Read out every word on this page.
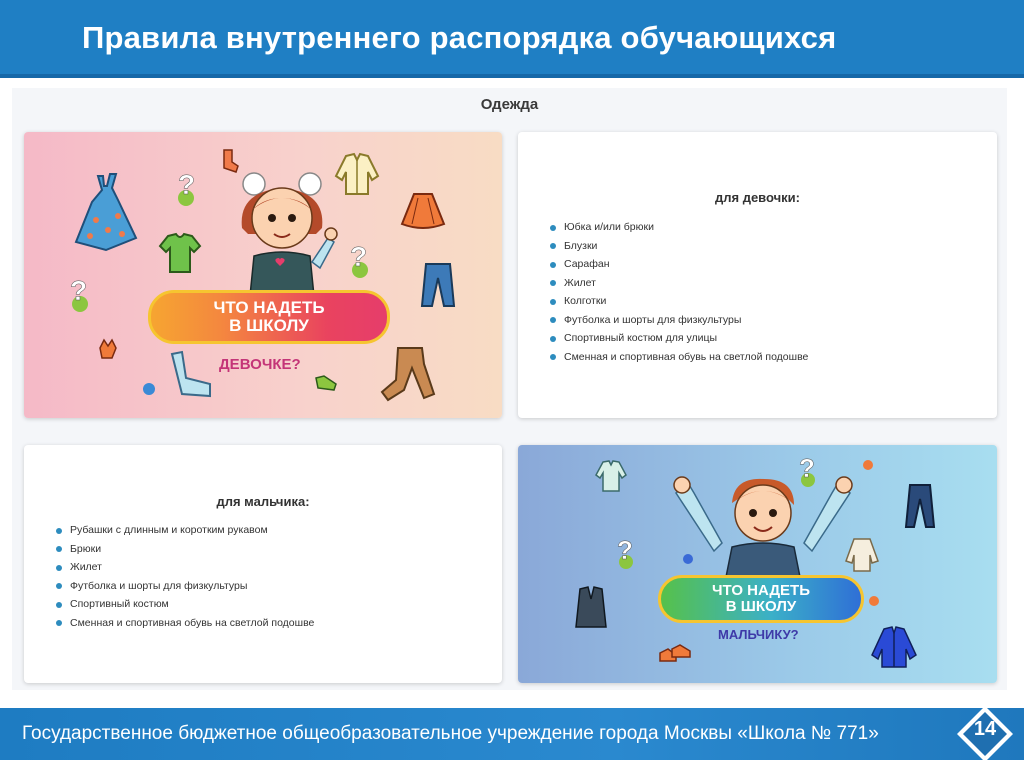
Правила внутреннего распорядка обучающихся
Одежда
?
?
?
ЧТО НАДЕТЬ
В ШКОЛУ
ДЕВОЧКЕ?
для девочки:
Юбка и/или брюки
Блузки
Сарафан
Жилет
Колготки
Футболка и шорты для физкультуры
Спортивный костюм для улицы
Сменная и спортивная обувь на светлой подошве
для мальчика:
Рубашки с длинным и коротким рукавом
Брюки
Жилет
Футболка и шорты для физкультуры
Спортивный костюм
Сменная и спортивная обувь на светлой подошве
?
?
ЧТО НАДЕТЬ
В ШКОЛУ
МАЛЬЧИКУ?
Государственное бюджетное общеобразовательное учреждение города Москвы «Школа № 771»	14
